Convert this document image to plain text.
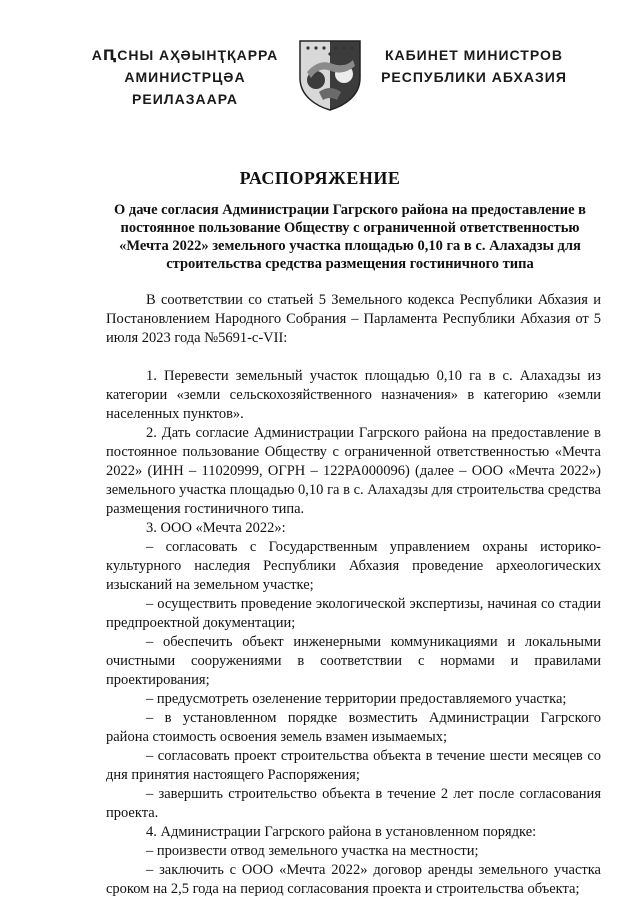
АԤСНЫ АҲӘЫНҬҚАРРА
АМИНИСТРЦӘА РЕИЛАЗААРА
КАБИНЕТ МИНИСТРОВ
РЕСПУБЛИКИ АБХАЗИЯ
РАСПОРЯЖЕНИЕ
О даче согласия Администрации Гагрского района на предоставление в постоянное пользование Обществу с ограниченной ответственностью «Мечта 2022» земельного участка площадью 0,10 га в с. Алахадзы для строительства средства размещения гостиничного типа

В соответствии со статьей 5 Земельного кодекса Республики Абхазия и Постановлением Народного Собрания – Парламента Республики Абхазия от 5 июля 2023 года №5691-с-VII:

1. Перевести земельный участок площадью 0,10 га в с. Алахадзы из категории «земли сельскохозяйственного назначения» в категорию «земли населенных пунктов».

2. Дать согласие Администрации Гагрского района на предоставление в постоянное пользование Обществу с ограниченной ответственностью «Мечта 2022» (ИНН – 11020999, ОГРН – 122РА000096) (далее – ООО «Мечта 2022») земельного участка площадью 0,10 га в с. Алахадзы для строительства средства размещения гостиничного типа.

3. ООО «Мечта 2022»:

– согласовать с Государственным управлением охраны историко-культурного наследия Республики Абхазия проведение археологических изысканий на земельном участке;

– осуществить проведение экологической экспертизы, начиная со стадии предпроектной документации;

– обеспечить объект инженерными коммуникациями и локальными очистными сооружениями в соответствии с нормами и правилами проектирования;

– предусмотреть озеленение территории предоставляемого участка;

– в установленном порядке возместить Администрации Гагрского района стоимость освоения земель взамен изымаемых;

– согласовать проект строительства объекта в течение шести месяцев со дня принятия настоящего Распоряжения;

– завершить строительство объекта в течение 2 лет после согласования проекта.

4. Администрации Гагрского района в установленном порядке:

– произвести отвод земельного участка на местности;

– заключить с ООО «Мечта 2022» договор аренды земельного участка сроком на 2,5 года на период согласования проекта и строительства объекта;
